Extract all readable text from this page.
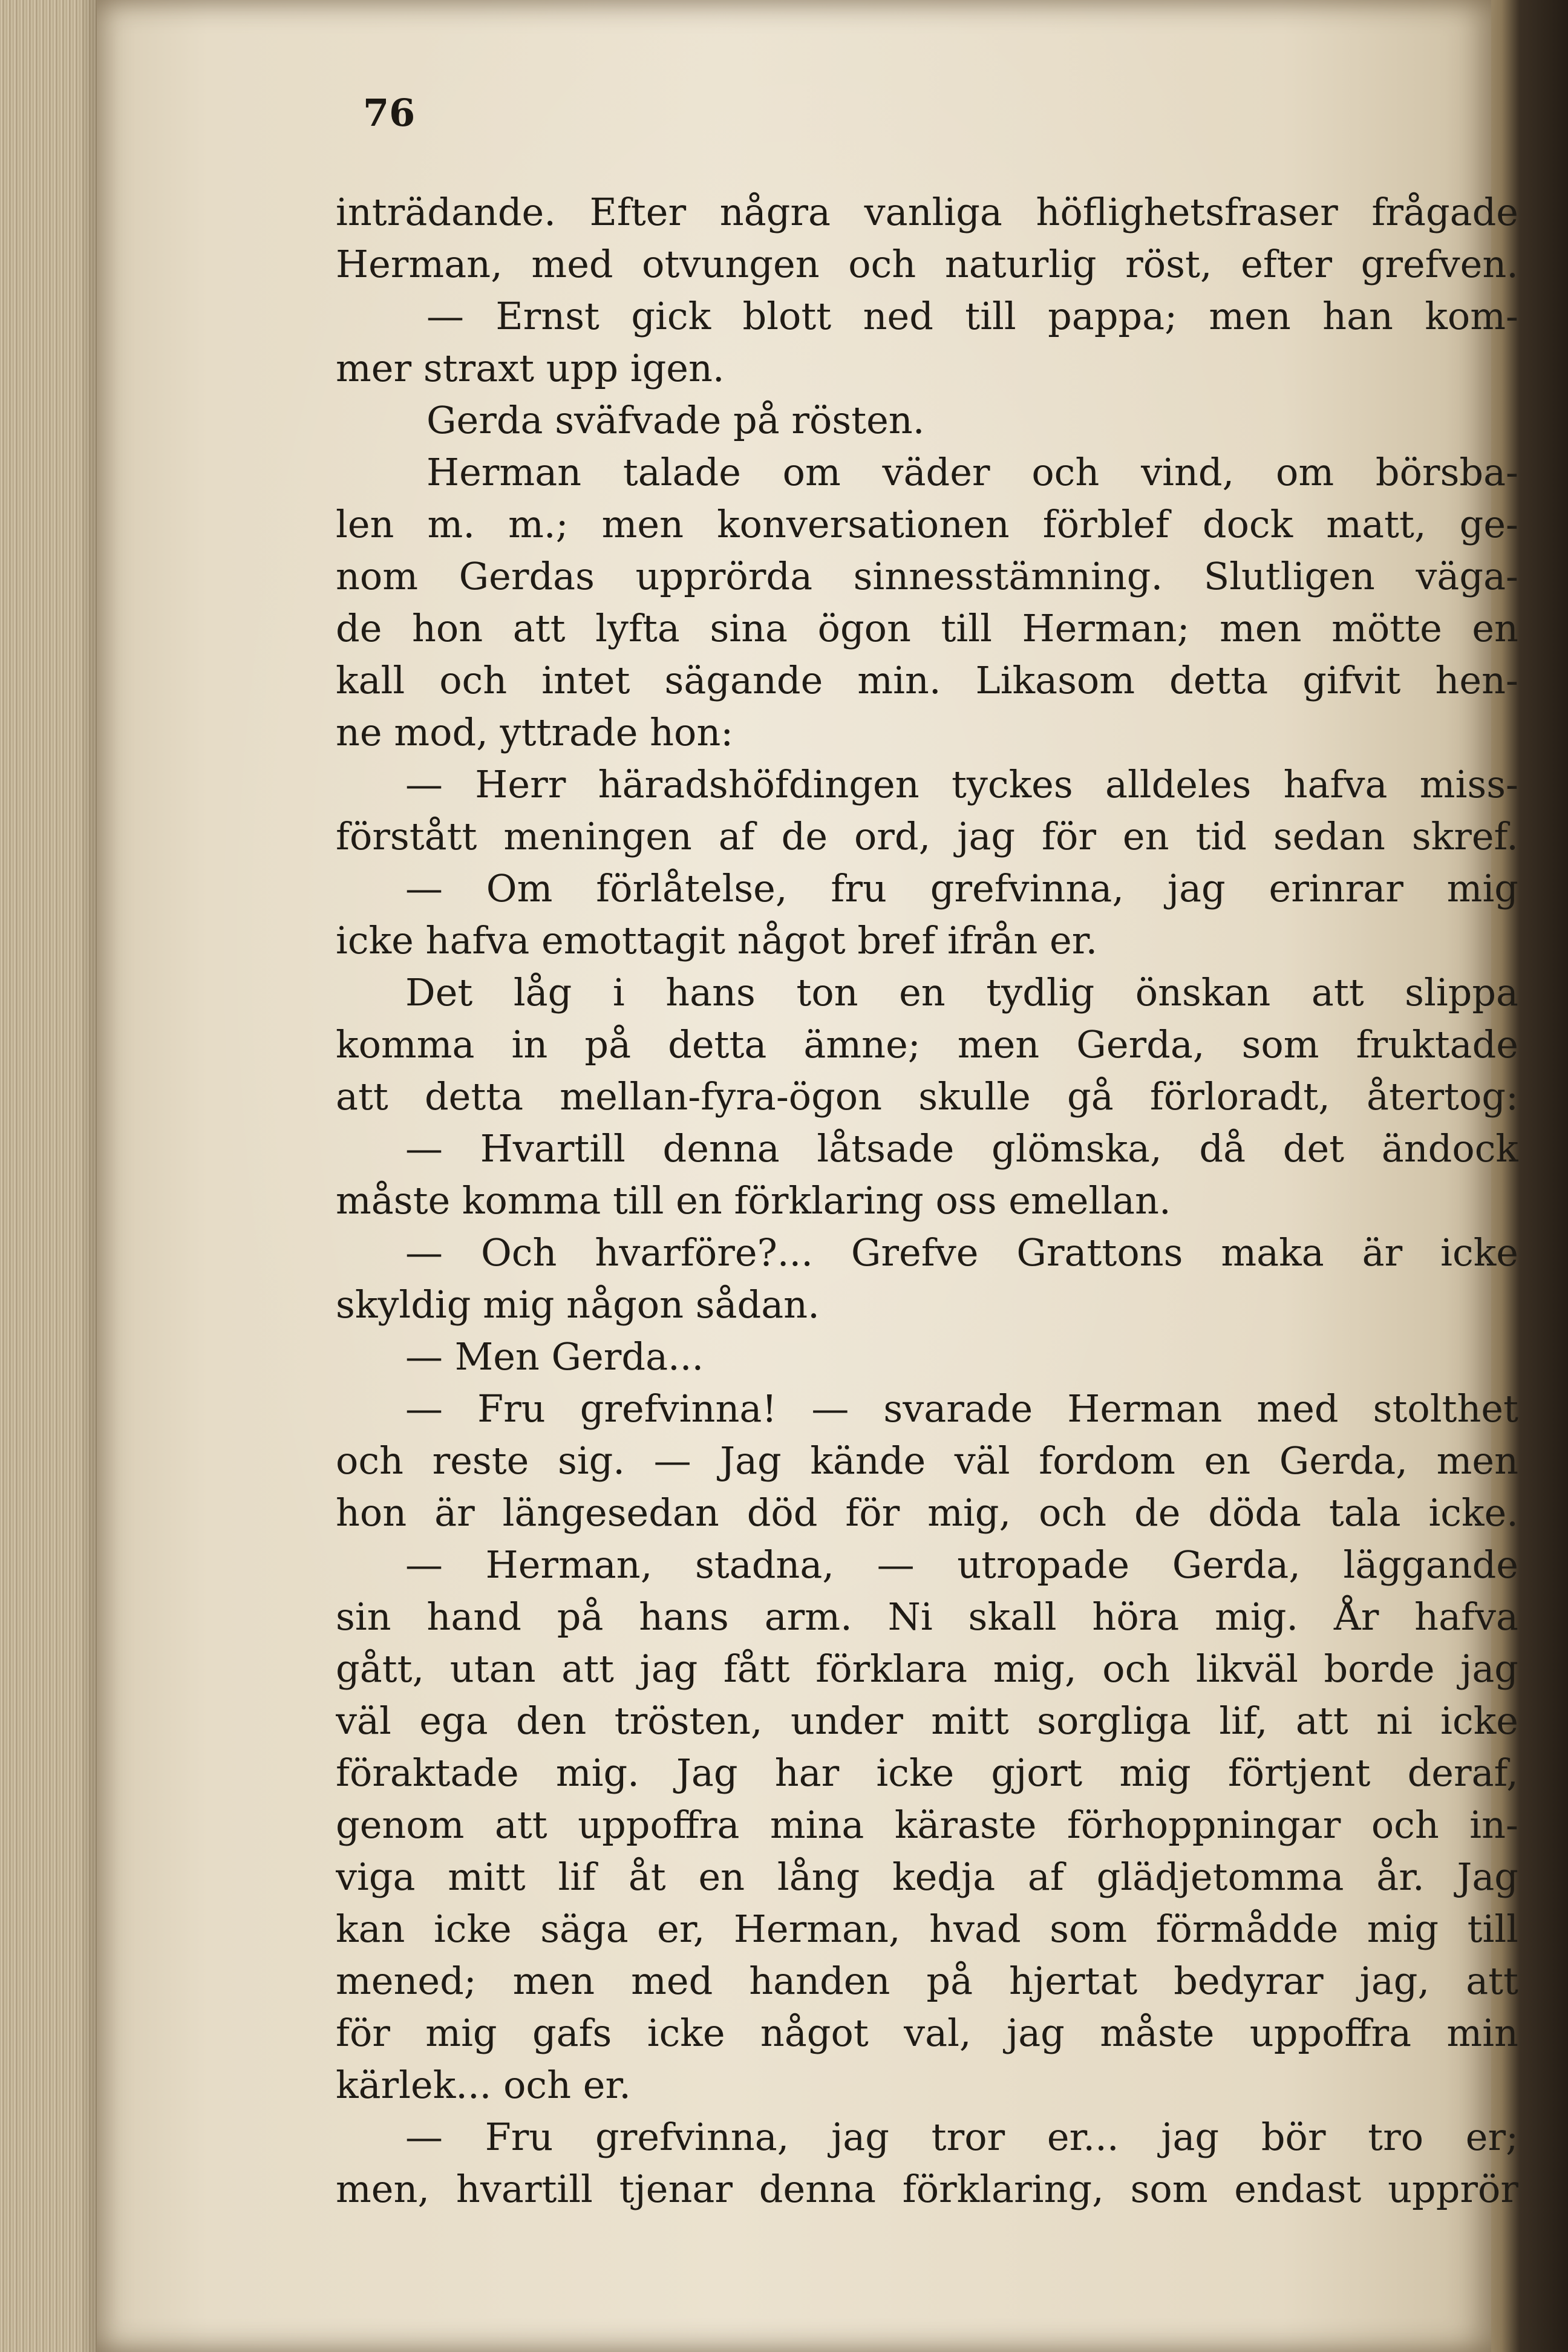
76

inträdande. Efter några vanliga höflighetsfraser frågade
Herman, med otvungen och naturlig röst, efter grefven.
— Ernst gick blott ned till pappa; men han kom-
mer straxt upp igen.
Gerda sväfvade på rösten.
Herman talade om väder och vind, om börsba-
len m. m.; men konversationen förblef dock matt, ge-
nom Gerdas upprörda sinnesstämning. Slutligen väga-
de hon att lyfta sina ögon till Herman; men mötte en
kall och intet sägande min. Likasom detta gifvit hen-
ne mod, yttrade hon:
— Herr häradshöfdingen tyckes alldeles hafva miss-
förstått meningen af de ord, jag för en tid sedan skref.
— Om förlåtelse, fru grefvinna, jag erinrar mig
icke hafva emottagit något bref ifrån er.
Det låg i hans ton en tydlig önskan att slippa
komma in på detta ämne; men Gerda, som fruktade
att detta mellan-fyra-ögon skulle gå förloradt, återtog:
— Hvartill denna låtsade glömska, då det ändock
måste komma till en förklaring oss emellan.
— Och hvarföre?... Grefve Grattons maka är icke
skyldig mig någon sådan.
— Men Gerda...
— Fru grefvinna! — svarade Herman med stolthet
och reste sig. — Jag kände väl fordom en Gerda, men
hon är längesedan död för mig, och de döda tala icke.
— Herman, stadna, — utropade Gerda, läggande
sin hand på hans arm. Ni skall höra mig. År hafva
gått, utan att jag fått förklara mig, och likväl borde jag
väl ega den trösten, under mitt sorgliga lif, att ni icke
föraktade mig. Jag har icke gjort mig förtjent deraf,
genom att uppoffra mina käraste förhoppningar och in-
viga mitt lif åt en lång kedja af glädjetomma år. Jag
kan icke säga er, Herman, hvad som förmådde mig till
mened; men med handen på hjertat bedyrar jag, att
för mig gafs icke något val, jag måste uppoffra min
kärlek... och er.
— Fru grefvinna, jag tror er... jag bör tro er;
men, hvartill tjenar denna förklaring, som endast upprör
